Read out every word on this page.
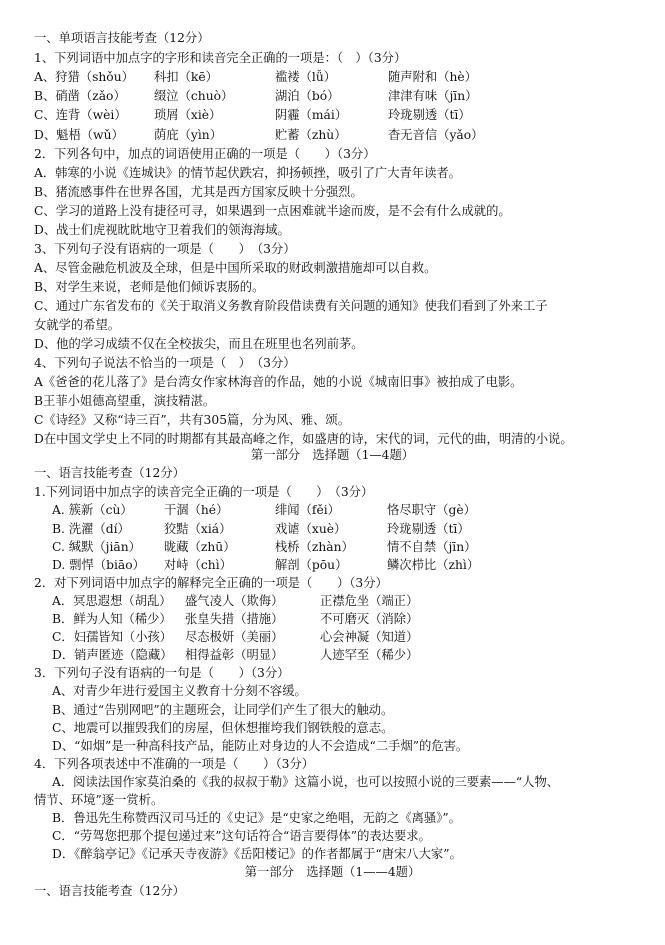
一、单项语言技能考查（12分）
1、下列词语中加点字的字形和读音完全正确的一项是：（　）（3分）
A、狩猎（shǒu） 科扣（kē）	褴褛（lǚ）	随声附和（hè）
B、硝凿（zǎo） 缀泣（chuò）	湖泊（bó）	津津有味（jīn）
C、连背（wèi） 琐屑（xiè）	阴霾（mái）	玲珑剔透（tī）
D、魁梧（wǔ） 荫庇（yìn）	贮蓄（zhù）	杳无音信（yǎo）
2．下列各句中，加点的词语使用正确的一项是（　　）（3分）
A．韩寒的小说《连城诀》的情节起伏跌宕，抑扬顿挫，吸引了广大青年读者。
B、猪流感事件在世界各国，尤其是西方国家反映十分强烈。
C、学习的道路上没有捷径可寻，如果遇到一点困难就半途而废，是不会有什么成就的。
D、战士们虎视眈眈地守卫着我们的领海海域。
3、下列句子没有语病的一项是（　　）　（3分）
A、尽管金融危机波及全球，但是中国所采取的财政刺激措施却可以自救。
B、对学生来说，老师是他们倾诉衷肠的。
C、通过广东省发布的《关于取消义务教育阶段借读费有关问题的通知》使我们看到了外来工子
女就学的希望。
D、他的学习成绩不仅在全校拔尖，而且在班里也名列前茅。
4、下列句子说法不恰当的一项是（　）　（3分）
A《爸爸的花儿落了》是台湾女作家林海音的作品，她的小说《城南旧事》被拍成了电影。
B王菲小姐德高望重，演技精湛。
C《诗经》又称“诗三百”，共有305篇，分为风、雅、颂。
D在中国文学史上不同的时期都有其最高峰之作，如盛唐的诗，宋代的词，元代的曲，明清的小说。
第一部分　选择题（1—4题）
一、语言技能考查（12分）
1.下列词语中加点字的读音完全正确的一项是（　　）　（3分）
A. 簇新（cù）	干涸（hé）	绯闻（fěi）	恪尽职守（gè）
B. 洗濯（dí）	狡黠（xiá）	戏谑（xuè）	玲珑剔透（tī）
C. 缄默（jiān） 昽藏（zhū）	栈桥（zhàn）	情不自禁（jīn）
D. 剽悍（biāo） 对峙（chì）	解剖（pōu）	鳞次栉比（zhì）
2．对下列词语中加点字的解释完全正确的一项是（　　）（3分）
A．冥思遐想（胡乱） 盛气凌人（欺侮）	正襟危坐（端正）
B．鲜为人知（稀少） 张皇失措（措施）	不可磨灭（消除）
C．妇孺皆知（小孩） 尽态极妍（美丽）	心会神凝（知道）
D．销声匿迹（隐藏） 相得益彰（明显）	人迹罕至（稀少）
3．下列句子没有语病的一句是（　　）（3分）
A、对青少年进行爱国主义教育十分刻不容缓。
B、通过“告别网吧”的主题班会，让同学们产生了很大的触动。
C、地震可以摧毁我们的房屋，但休想摧垮我们钢铁般的意志。
D、“如烟”是一种高科技产品，能防止对身边的人不会造成“二手烟”的危害。
4．下列各项表述中不准确的一项是（　　）（3分）
A．阅读法国作家莫泊桑的《我的叔叔于勒》这篇小说，也可以按照小说的三要素——“人物、
情节、环境”逐一赏析。
B．鲁迅先生称赞西汉司马迁的《史记》是“史家之绝唱，无韵之《离骚》”。
C．“劳驾您把那个提包递过来”这句话符合“语言要得体”的表达要求。
D．《醉翁亭记》《记承天寺夜游》《岳阳楼记》的作者都属于“唐宋八大家”。
第一部分　选择题（1——4题）
一、语言技能考查（12分）
